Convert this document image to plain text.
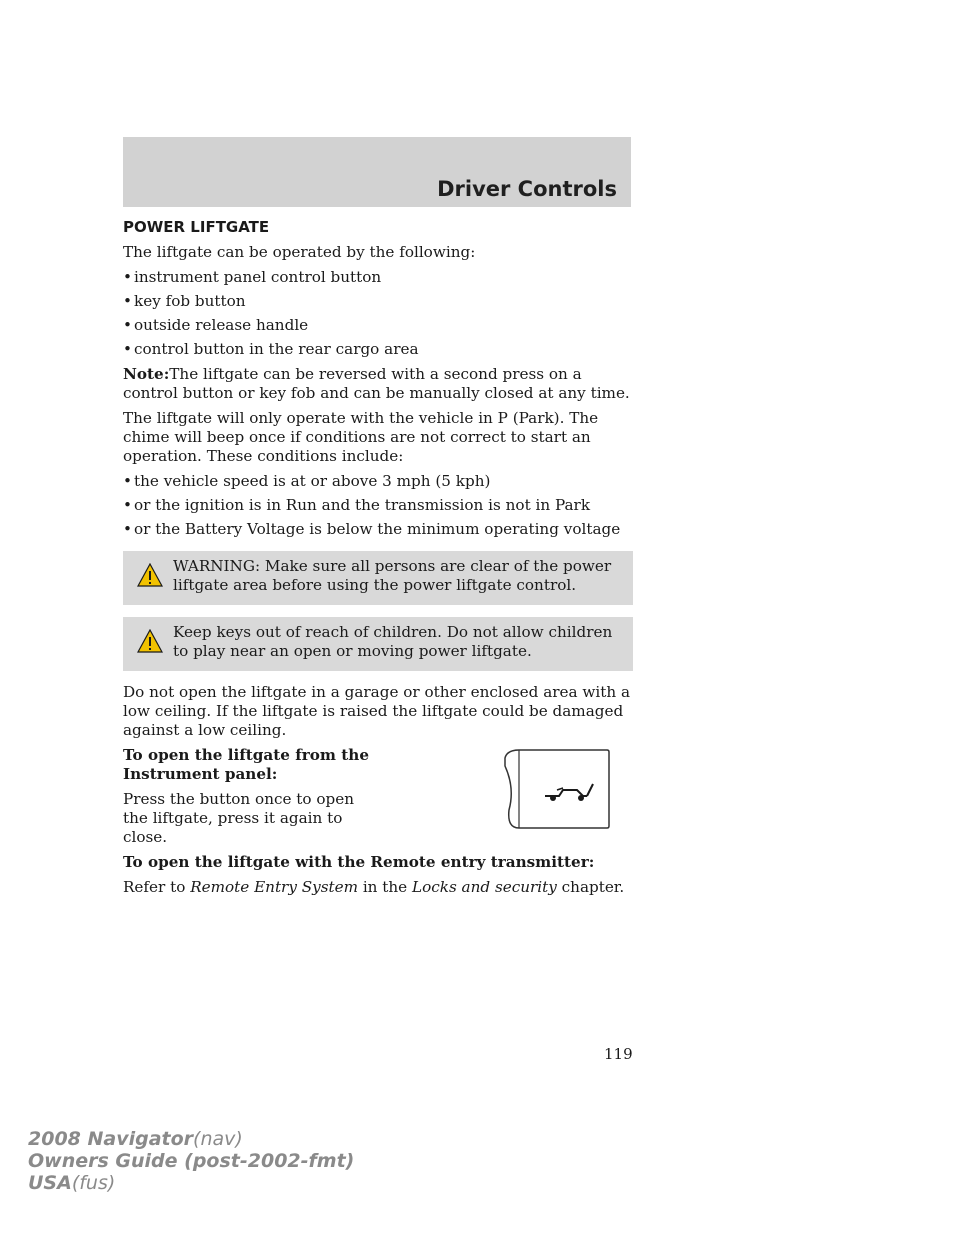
Driver Controls
POWER LIFTGATE

The liftgate can be operated by the following:

• instrument panel control button
• key fob button
• outside release handle
• control button in the rear cargo area

Note:The liftgate can be reversed with a second press on a control button or key fob and can be manually closed at any time.

The liftgate will only operate with the vehicle in P (Park). The chime will beep once if conditions are not correct to start an operation. These conditions include:

• the vehicle speed is at or above 3 mph (5 kph)
• or the ignition is in Run and the transmission is not in Park
• or the Battery Voltage is below the minimum operating voltage
WARNING: Make sure all persons are clear of the power liftgate area before using the power liftgate control.
Keep keys out of reach of children. Do not allow children to play near an open or moving power liftgate.

Do not open the liftgate in a garage or other enclosed area with a low ceiling. If the liftgate is raised the liftgate could be damaged against a low ceiling.

To open the liftgate from the Instrument panel:

Press the button once to open the liftgate, press it again to close.

To open the liftgate with the Remote entry transmitter:

Refer to Remote Entry System in the Locks and security chapter.

119
2008 Navigator(nav)
Owners Guide (post-2002-fmt)
USA(fus)
